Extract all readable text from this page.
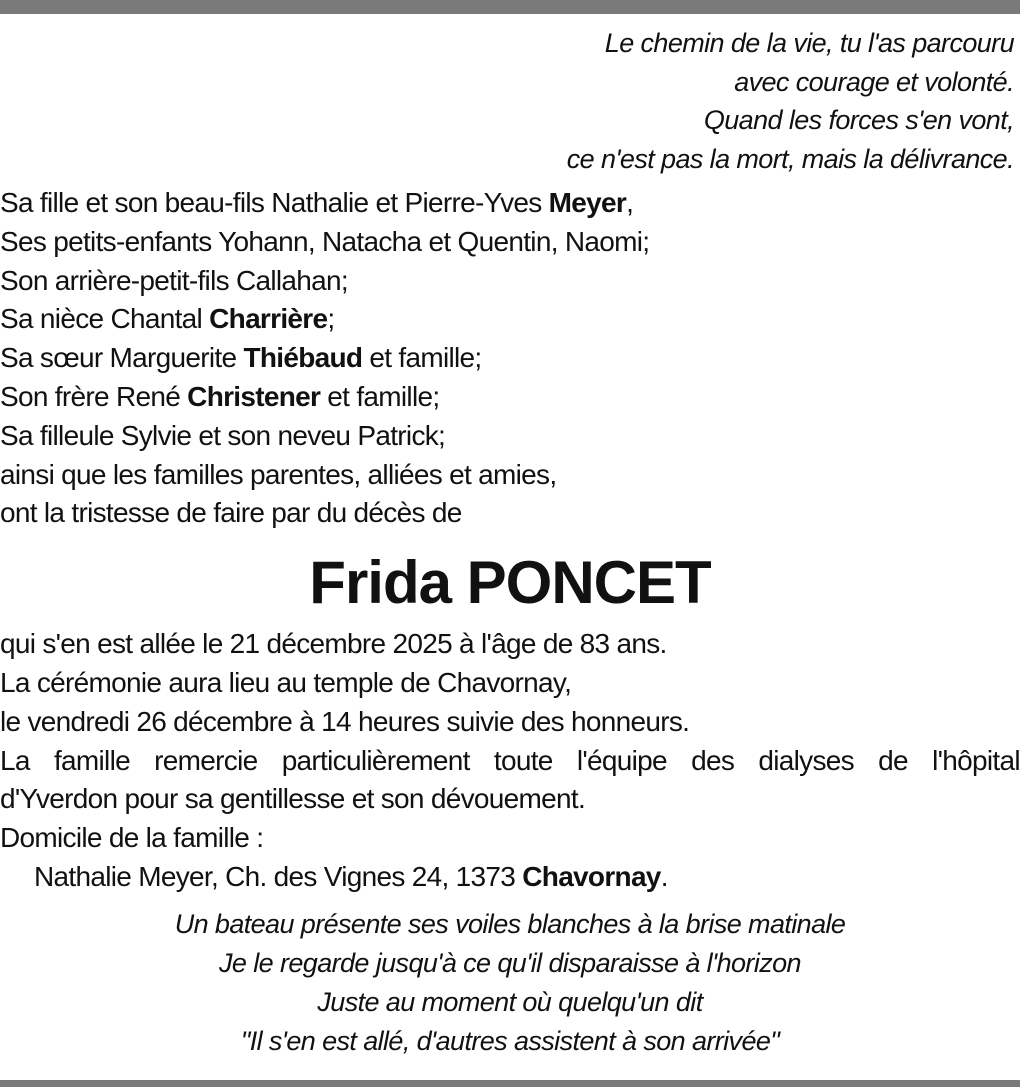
Le chemin de la vie, tu l'as parcouru
avec courage et volonté.
Quand les forces s'en vont,
ce n'est pas la mort, mais la délivrance.
Sa fille et son beau-fils Nathalie et Pierre-Yves Meyer,
Ses petits-enfants Yohann, Natacha et Quentin, Naomi;
Son arrière-petit-fils Callahan;
Sa nièce Chantal Charrière;
Sa sœur Marguerite Thiébaud et famille;
Son frère René Christener et famille;
Sa filleule Sylvie et son neveu Patrick;
ainsi que les familles parentes, alliées et amies,
ont la tristesse de faire par du décès de
Frida PONCET
qui s'en est allée le 21 décembre 2025 à l'âge de 83 ans.
La cérémonie aura lieu au temple de Chavornay,
le vendredi 26 décembre à 14 heures suivie des honneurs.
La famille remercie particulièrement toute l'équipe des dialyses de l'hôpital
d'Yverdon pour sa gentillesse et son dévouement.
Domicile de la famille :
Nathalie Meyer, Ch. des Vignes 24, 1373 Chavornay.
Un bateau présente ses voiles blanches à la brise matinale
Je le regarde jusqu'à ce qu'il disparaisse à l'horizon
Juste au moment où quelqu'un dit
"Il s'en est allé, d'autres assistent à son arrivée"
